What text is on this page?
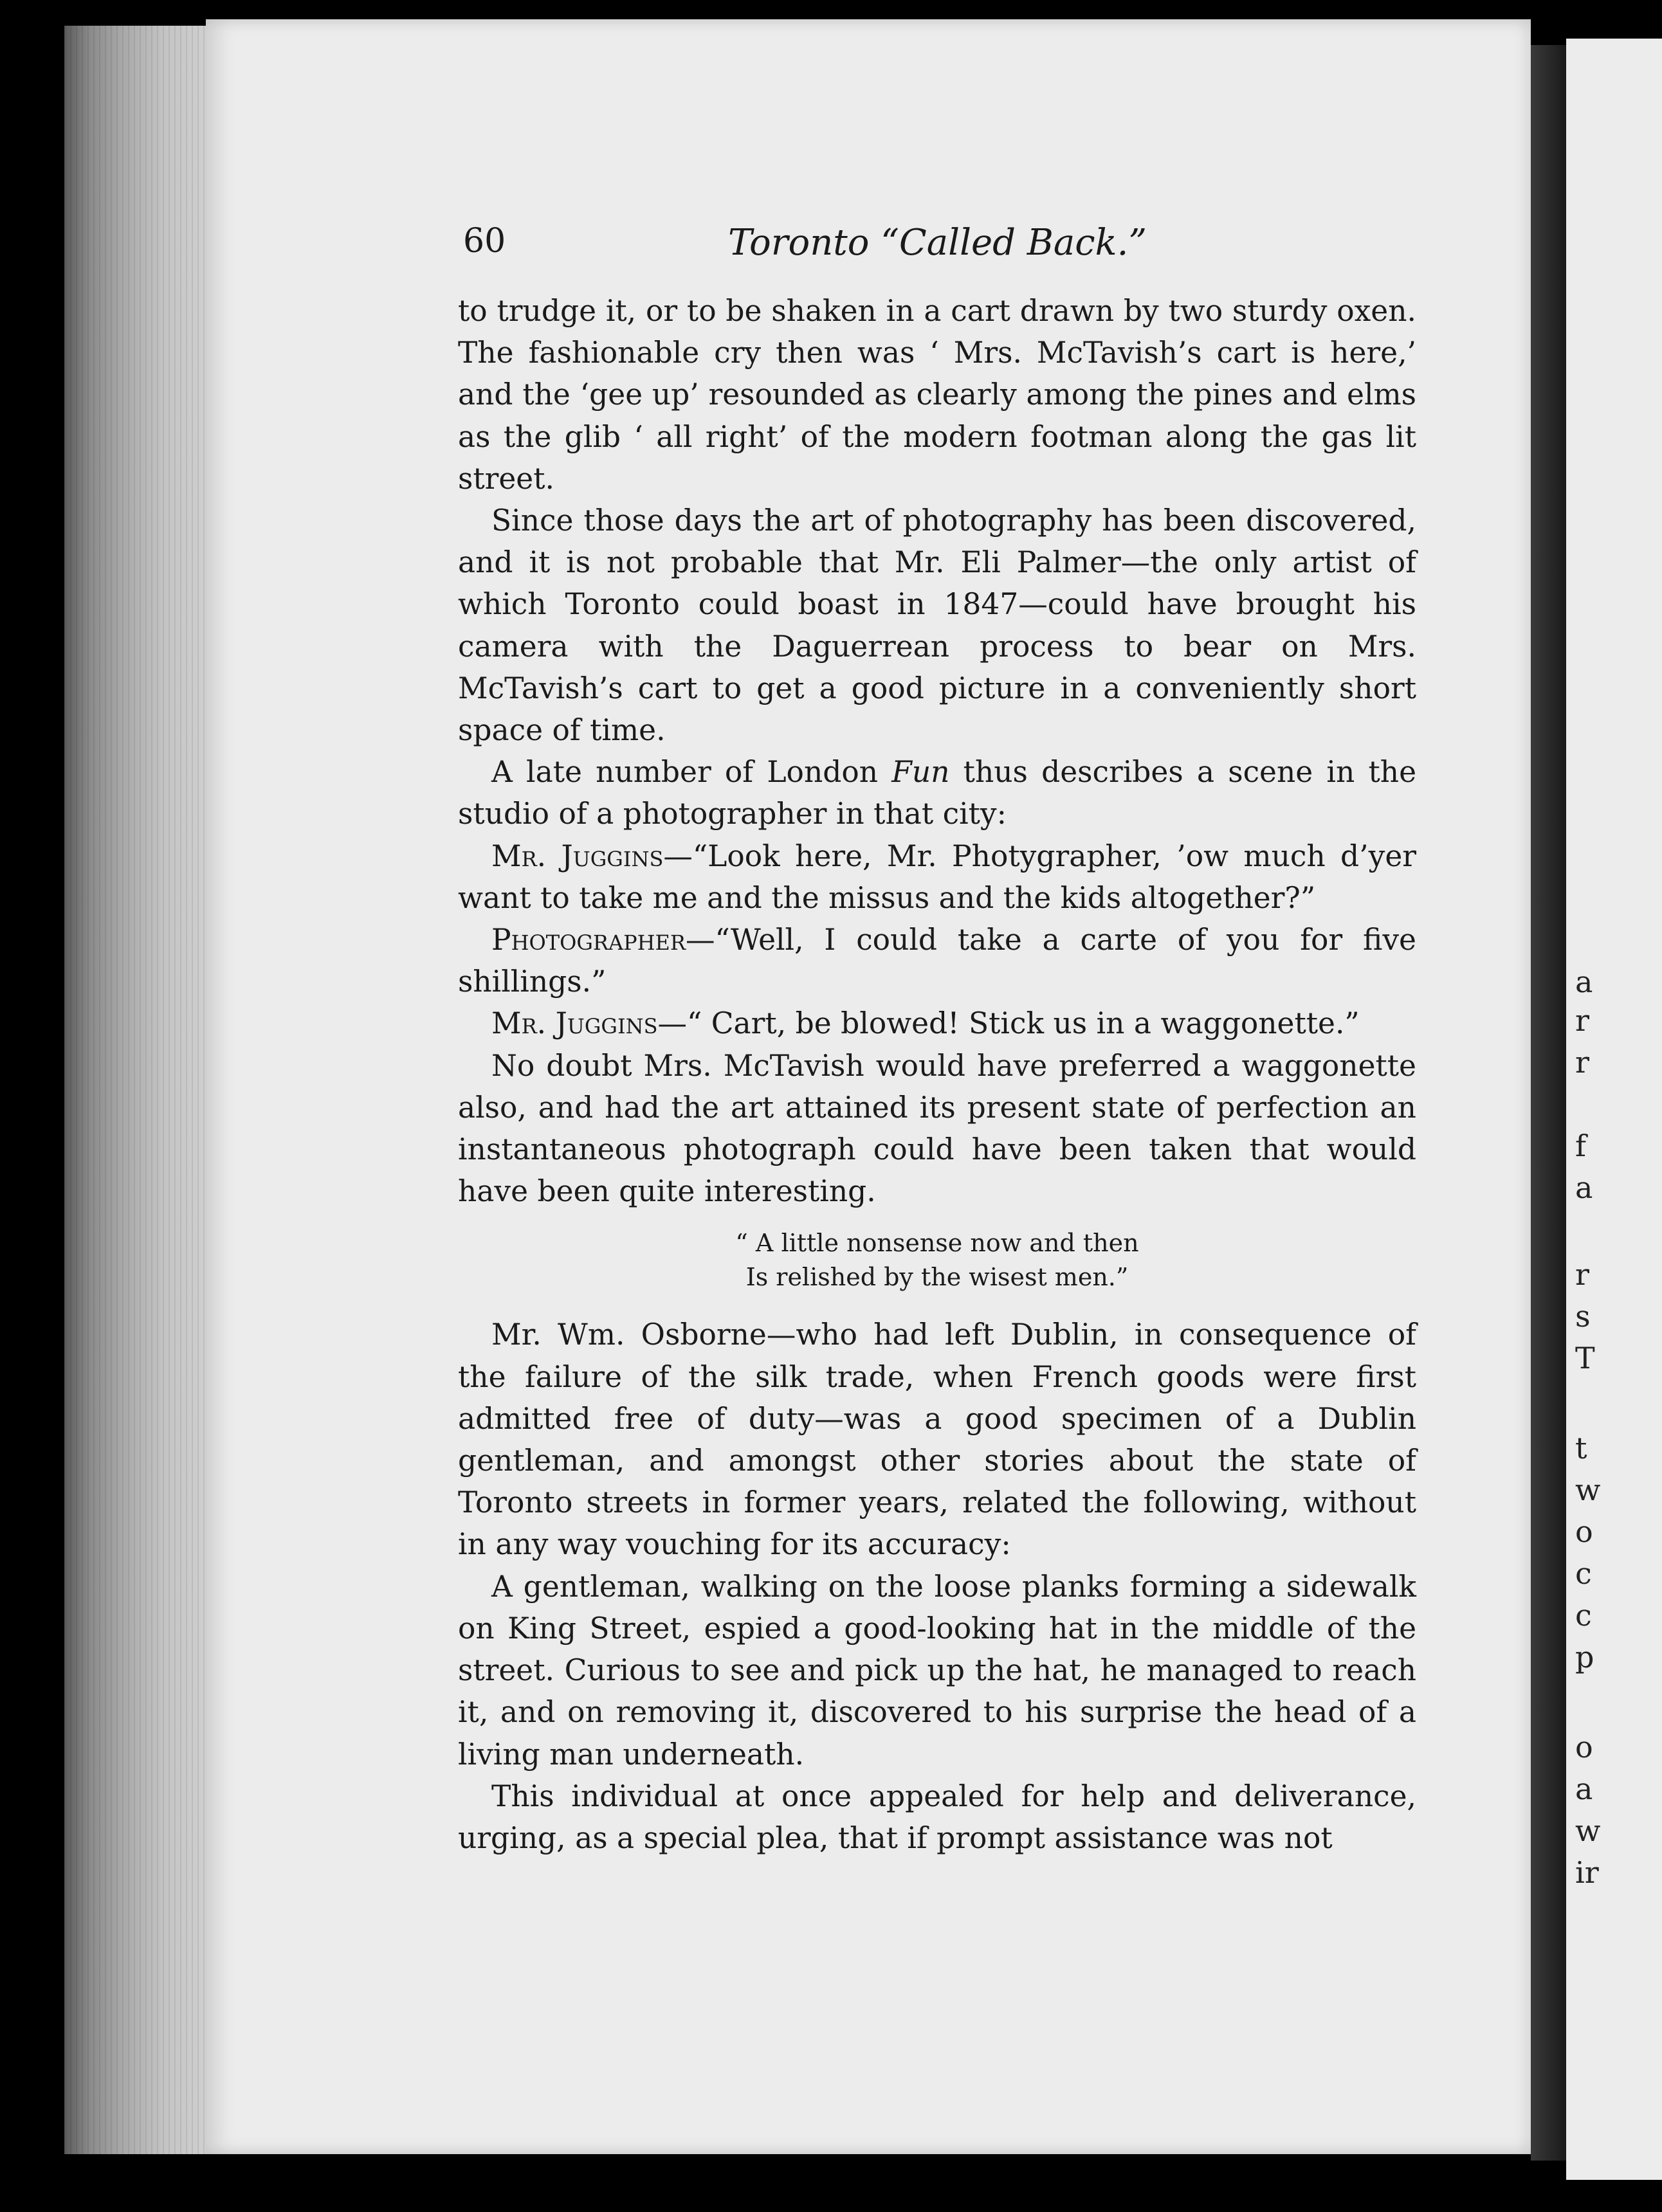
a
r
r
f
a
r
s
T
t
w
o
c
c
p
o
a
w
ir
60	Toronto “Called Back.”

to trudge it, or to be shaken in a cart drawn by two sturdy oxen. The fashionable cry then was ‘ Mrs. McTavish’s cart is here,’ and the ‘gee up’ resounded as clearly among the pines and elms as the glib ‘ all right’ of the modern footman along the gas lit street.

Since those days the art of photography has been discovered, and it is not probable that Mr. Eli Palmer—the only artist of which Toronto could boast in 1847—could have brought his camera with the Daguerrean process to bear on Mrs. McTavish’s cart to get a good picture in a conveniently short space of time.

A late number of London Fun thus describes a scene in the studio of a photographer in that city:

Mr. Juggins—“Look here, Mr. Photygrapher, ’ow much d’yer want to take me and the missus and the kids altogether?”

Photographer—“Well, I could take a carte of you for five shillings.”

Mr. Juggins—“ Cart, be blowed! Stick us in a waggonette.”

No doubt Mrs. McTavish would have preferred a waggonette also, and had the art attained its present state of perfection an instantaneous photograph could have been taken that would have been quite interesting.

“ A little nonsense now and then
Is relished by the wisest men.”

Mr. Wm. Osborne—who had left Dublin, in consequence of the failure of the silk trade, when French goods were first admitted free of duty—was a good specimen of a Dublin gentleman, and amongst other stories about the state of Toronto streets in former years, related the following, without in any way vouching for its accuracy:

A gentleman, walking on the loose planks forming a sidewalk on King Street, espied a good-looking hat in the middle of the street. Curious to see and pick up the hat, he managed to reach it, and on removing it, discovered to his surprise the head of a living man underneath.

This individual at once appealed for help and deliverance, urging, as a special plea, that if prompt assistance was not
